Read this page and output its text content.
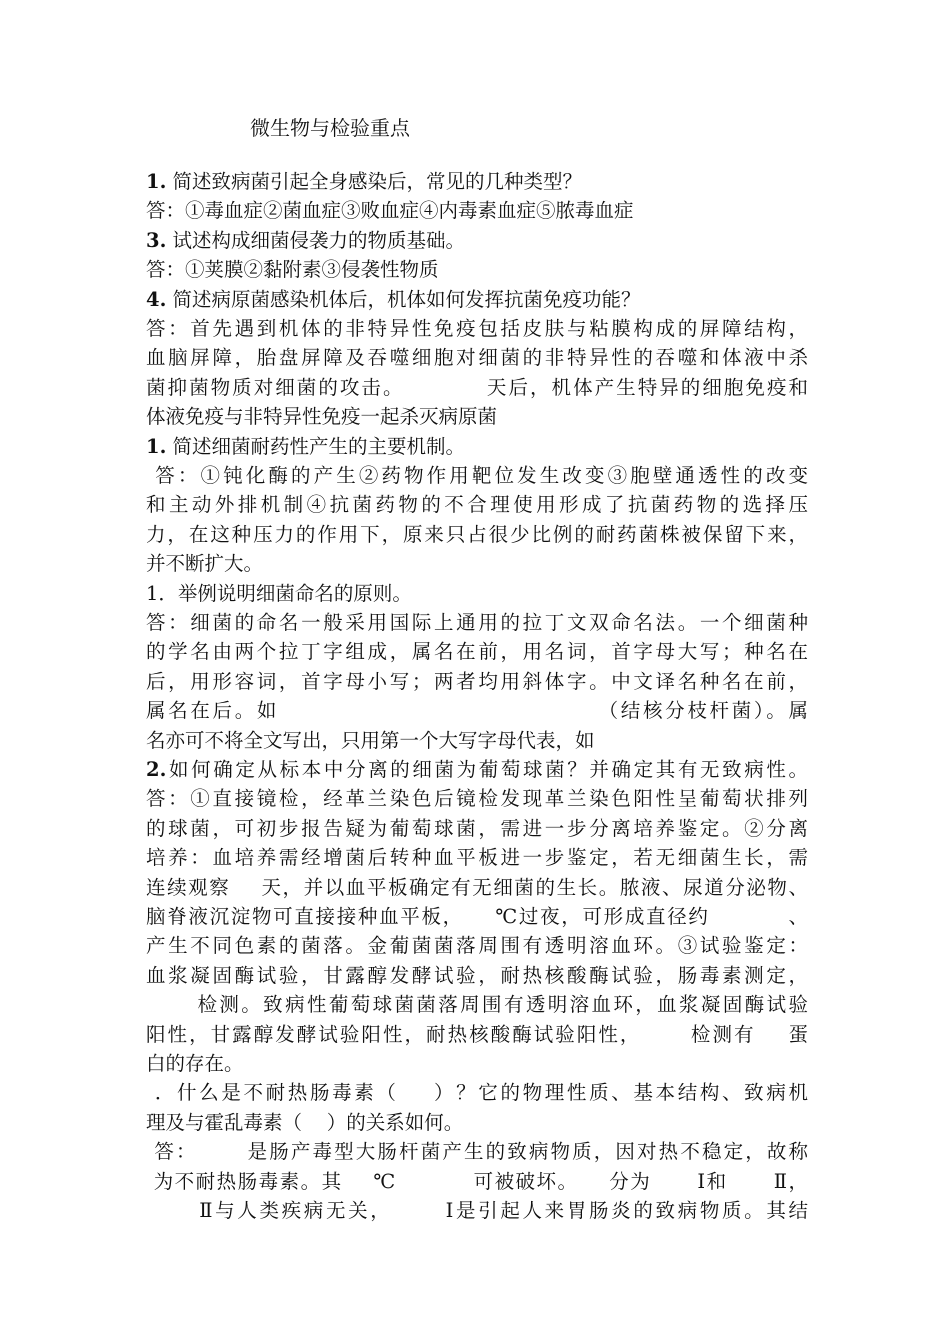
微生物与检验重点
1. 简述致病菌引起全身感染后，常见的几种类型？
答：①毒血症②菌血症③败血症④内毒素血症⑤脓毒血症
3. 试述构成细菌侵袭力的物质基础。
答：①荚膜②黏附素③侵袭性物质
4. 简述病原菌感染机体后，机体如何发挥抗菌免疫功能？
答：首先遇到机体的非特异性免疫包括皮肤与粘膜构成的屏障结构，
血脑屏障，胎盘屏障及吞噬细胞对细菌的非特异性的吞噬和体液中杀
菌抑菌物质对细菌的攻击。          天后，机体产生特异的细胞免疫和
体液免疫与非特异性免疫一起杀灭病原菌
1. 简述细菌耐药性产生的主要机制。
答：①钝化酶的产生②药物作用靶位发生改变③胞壁通透性的改变
和主动外排机制④抗菌药物的不合理使用形成了抗菌药物的选择压
力，在这种压力的作用下，原来只占很少比例的耐药菌株被保留下来，
并不断扩大。
1．举例说明细菌命名的原则。
答：细菌的命名一般采用国际上通用的拉丁文双命名法。一个细菌种
的学名由两个拉丁字组成，属名在前，用名词，首字母大写；种名在
后，用形容词，首字母小写；两者均用斜体字。中文译名种名在前，
属名在后。如                                    （结核分枝杆菌）。属
名亦可不将全文写出，只用第一个大写字母代表，如
2.如何确定从标本中分离的细菌为葡萄球菌？并确定其有无致病性。
答：①直接镜检，经革兰染色后镜检发现革兰染色阳性呈葡萄状排列
的球菌，可初步报告疑为葡萄球菌，需进一步分离培养鉴定。②分离
培养：血培养需经增菌后转种血平板进一步鉴定，若无细菌生长，需
连续观察    天，并以血平板确定有无细菌的生长。脓液、尿道分泌物、
脑脊液沉淀物可直接接种血平板，    ℃过夜，可形成直径约          、
产生不同色素的菌落。金葡菌菌落周围有透明溶血环。③试验鉴定：
血浆凝固酶试验，甘露醇发酵试验，耐热核酸酶试验，肠毒素测定，
检测。致病性葡萄球菌菌落周围有透明溶血环，血浆凝固酶试验
阳性，甘露醇发酵试验阳性，耐热核酸酶试验阳性，      检测有    蛋
白的存在。
．什么是不耐热肠毒素（    ）？它的物理性质、基本结构、致病机
理及与霍乱毒素（    ）的关系如何。
答：      是肠产毒型大肠杆菌产生的致病物质，因对热不稳定，故称
为不耐热肠毒素。其    ℃          可被破坏。    分为      Ⅰ和      Ⅱ，
Ⅱ与人类疾病无关，      Ⅰ是引起人来胃肠炎的致病物质。其结
